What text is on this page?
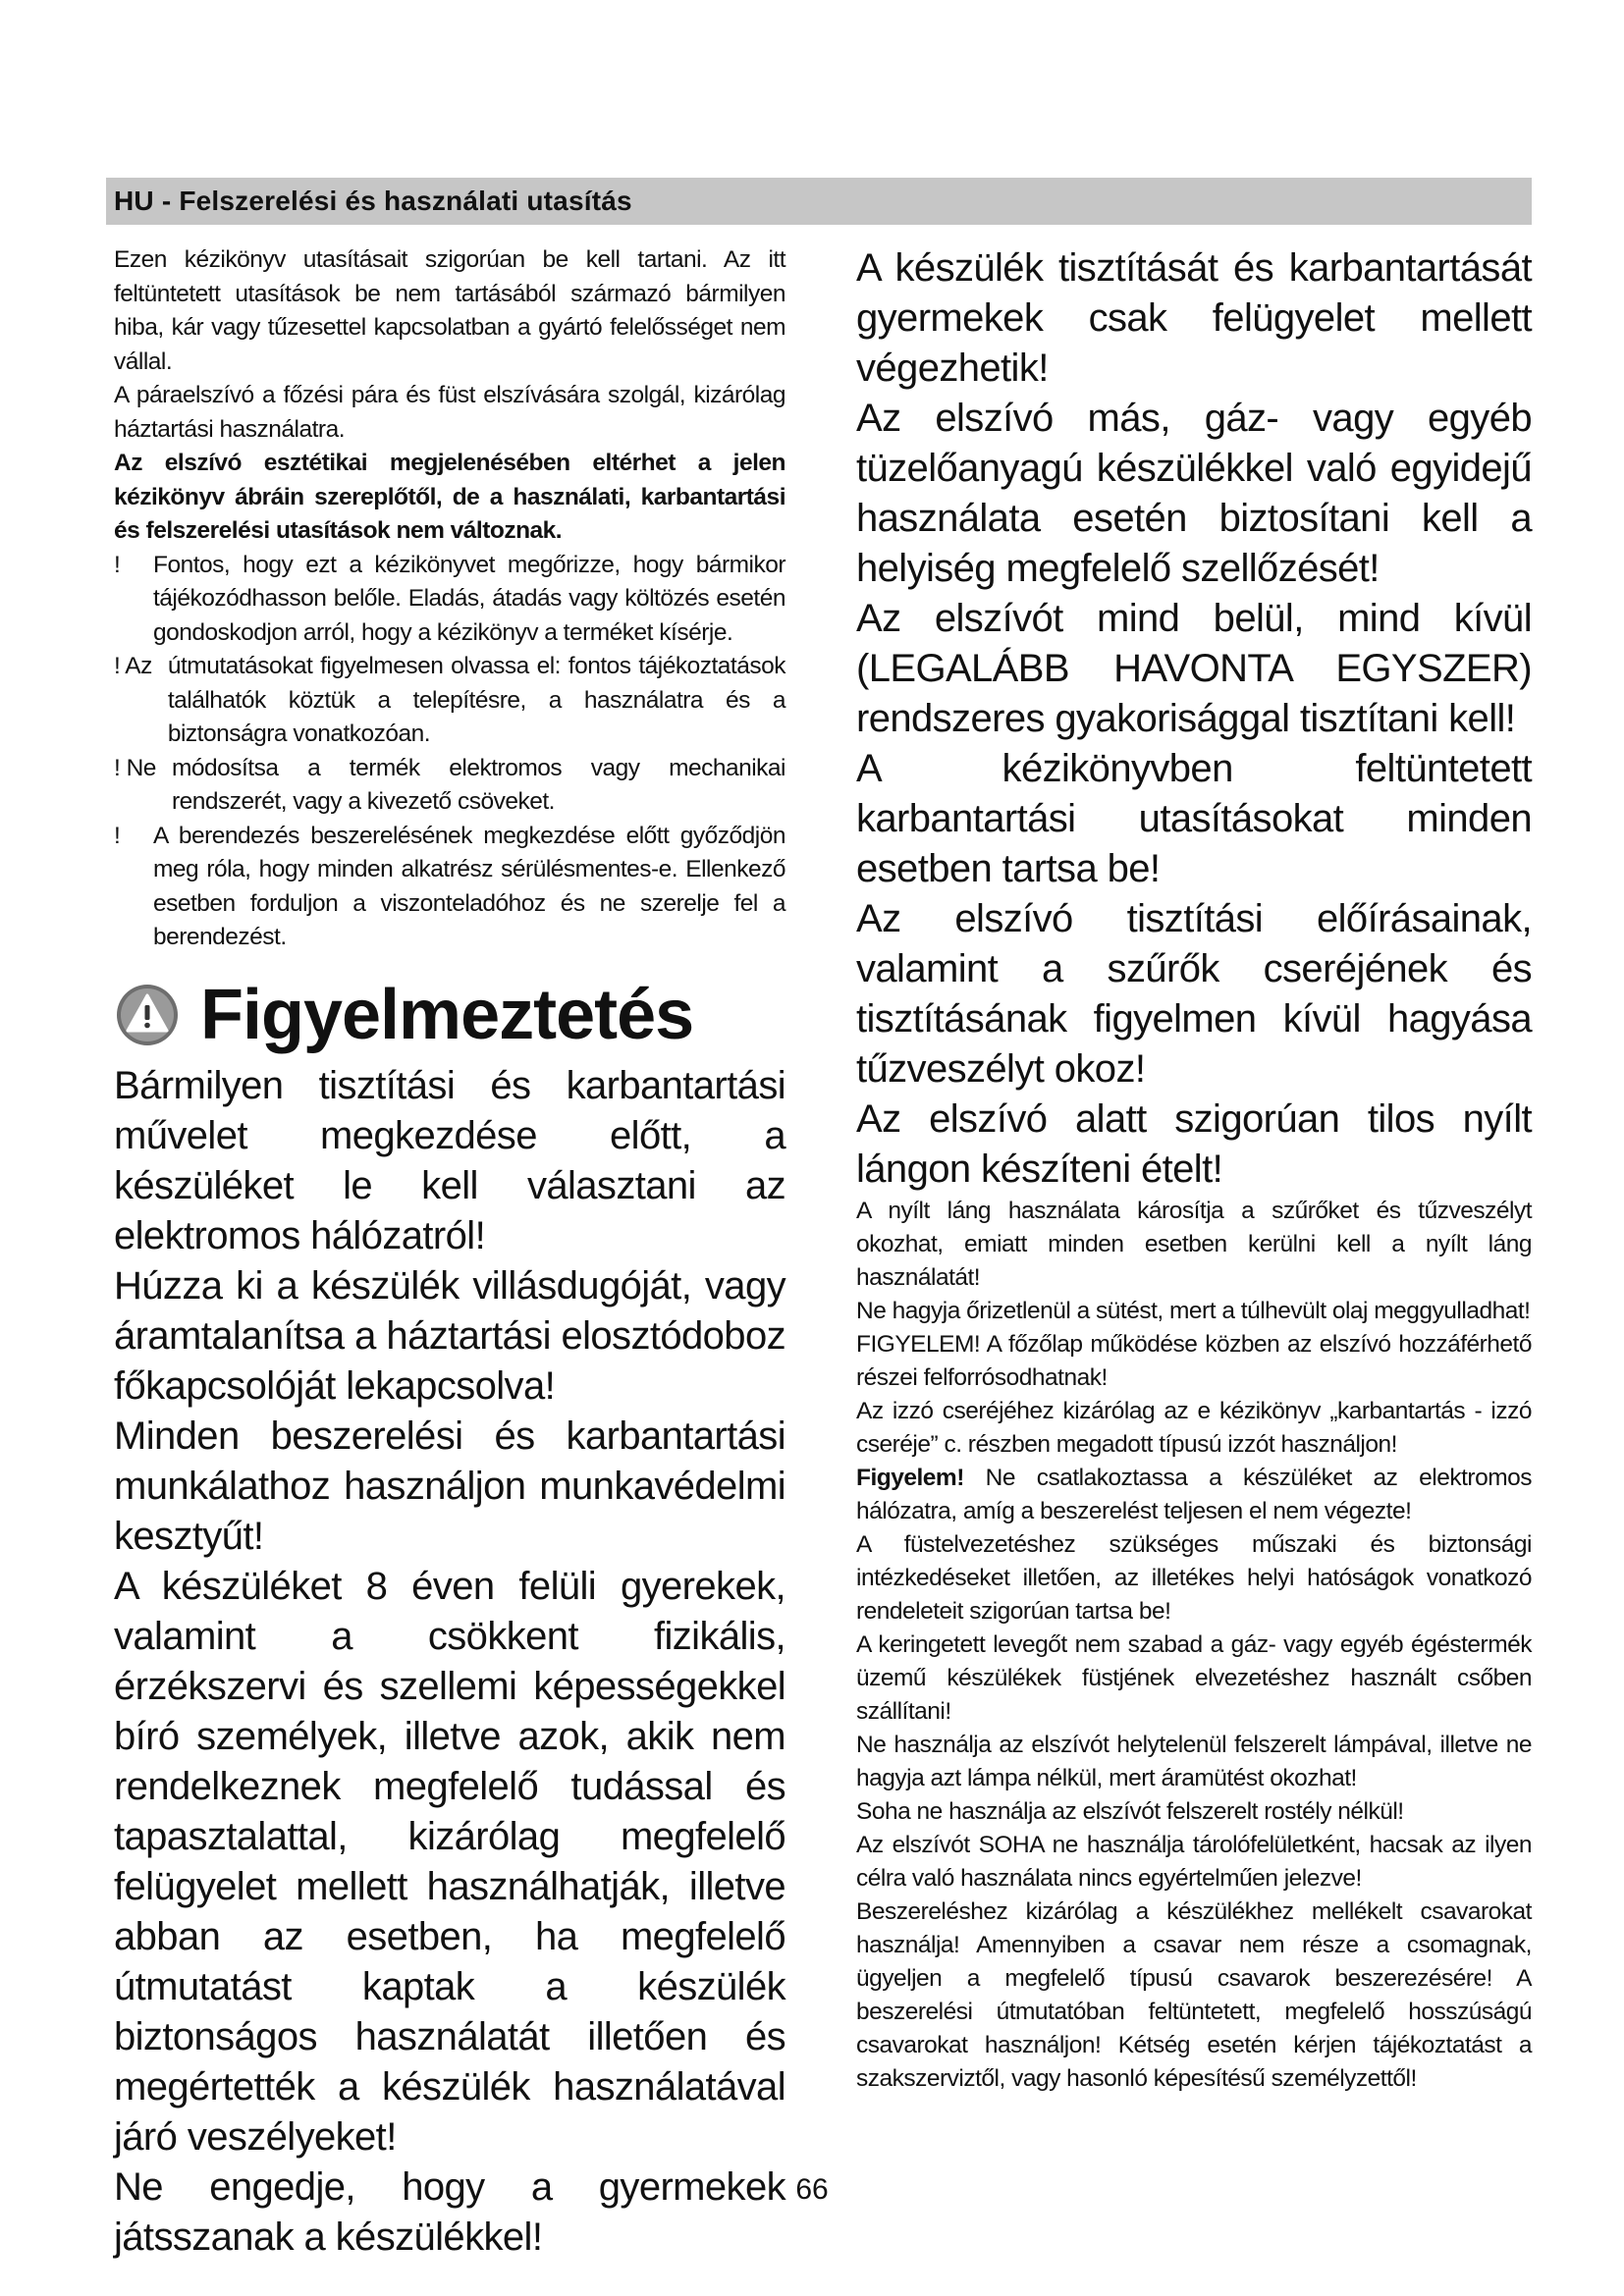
HU - Felszerelési és használati utasítás

Ezen kézikönyv utasításait szigorúan be kell tartani. Az itt feltüntetett utasítások be nem tartásából származó bármilyen hiba, kár vagy tűzesettel kapcsolatban a gyártó felelősséget nem vállal.

A páraelszívó a főzési pára és füst elszívására szolgál, kizárólag háztartási használatra.

Az elszívó esztétikai megjelenésében eltérhet a jelen kézikönyv ábráin szereplőtől, de a használati, karbantartási és felszerelési utasítások nem változnak.

!	Fontos, hogy ezt a kézikönyvet megőrizze, hogy bármikor tájékozódhasson belőle. Eladás, átadás vagy költözés esetén gondoskodjon arról, hogy a kézikönyv a terméket kísérje.
! Az útmutatásokat figyelmesen olvassa el: fontos tájékoztatások találhatók köztük a telepítésre, a használatra és a biztonságra vonatkozóan.
! Ne módosítsa a termék elektromos vagy mechanikai rendszerét, vagy a kivezető csöveket.
!	A berendezés beszerelésének megkezdése előtt győződjön meg róla, hogy minden alkatrész sérülésmentes-e. Ellenkező esetben forduljon a viszonteladóhoz és ne szerelje fel a berendezést.
Figyelmeztetés

Bármilyen tisztítási és karbantartási művelet megkezdése előtt, a készüléket le kell választani az elektromos hálózatról!

Húzza ki a készülék villásdugóját, vagy áramtalanítsa a háztartási elosztódoboz főkapcsolóját lekapcsolva!

Minden beszerelési és karbantartási munkálathoz használjon munkavédelmi kesztyűt!

A készüléket 8 éven felüli gyerekek, valamint a csökkent fizikális, érzékszervi és szellemi képességekkel bíró személyek, illetve azok, akik nem rendelkeznek megfelelő tudással és tapasztalattal, kizárólag megfelelő felügyelet mellett használhatják, illetve abban az esetben, ha megfelelő útmutatást kaptak a készülék biztonságos használatát illetően és megértették a készülék használatával járó veszélyeket!

Ne engedje, hogy a gyermekek játsszanak a készülékkel!

A készülék tisztítását és karbantartását gyermekek csak felügyelet mellett végezhetik!

Az elszívó más, gáz- vagy egyéb tüzelőanyagú készülékkel való egyidejű használata esetén biztosítani kell a helyiség megfelelő szellőzését!

Az elszívót mind belül, mind kívül (LEGALÁBB HAVONTA EGYSZER) rendszeres gyakorisággal tisztítani kell!

A kézikönyvben feltüntetett karbantartási utasításokat minden esetben tartsa be!

Az elszívó tisztítási előírásainak, valamint a szűrők cseréjének és tisztításának figyelmen kívül hagyása tűzveszélyt okoz!

Az elszívó alatt szigorúan tilos nyílt lángon készíteni ételt!

A nyílt láng használata károsítja a szűrőket és tűzveszélyt okozhat, emiatt minden esetben kerülni kell a nyílt láng használatát!

Ne hagyja őrizetlenül a sütést, mert a túlhevült olaj meggyulladhat!

FIGYELEM! A főzőlap működése közben az elszívó hozzáférhető részei felforrósodhatnak!

Az izzó cseréjéhez kizárólag az e kézikönyv „karbantartás - izzó cseréje” c. részben megadott típusú izzót használjon!

Figyelem! Ne csatlakoztassa a készüléket az elektromos hálózatra, amíg a beszerelést teljesen el nem végezte!

A füstelvezetéshez szükséges műszaki és biztonsági intézkedéseket illetően, az illetékes helyi hatóságok vonatkozó rendeleteit szigorúan tartsa be!

A keringetett levegőt nem szabad a gáz- vagy egyéb égéstermék üzemű készülékek füstjének elvezetéshez használt csőben szállítani!

Ne használja az elszívót helytelenül felszerelt lámpával, illetve ne hagyja azt lámpa nélkül, mert áramütést okozhat!

Soha ne használja az elszívót felszerelt rostély nélkül!

Az elszívót SOHA ne használja tárolófelületként, hacsak az ilyen célra való használata nincs egyértelműen jelezve!

Beszereléshez kizárólag a készülékhez mellékelt csavarokat használja! Amennyiben a csavar nem része a csomagnak, ügyeljen a megfelelő típusú csavarok beszerezésére! A beszerelési útmutatóban feltüntetett, megfelelő hosszúságú csavarokat használjon! Kétség esetén kérjen tájékoztatást a szakszerviztől, vagy hasonló képesítésű személyzettől!

66
